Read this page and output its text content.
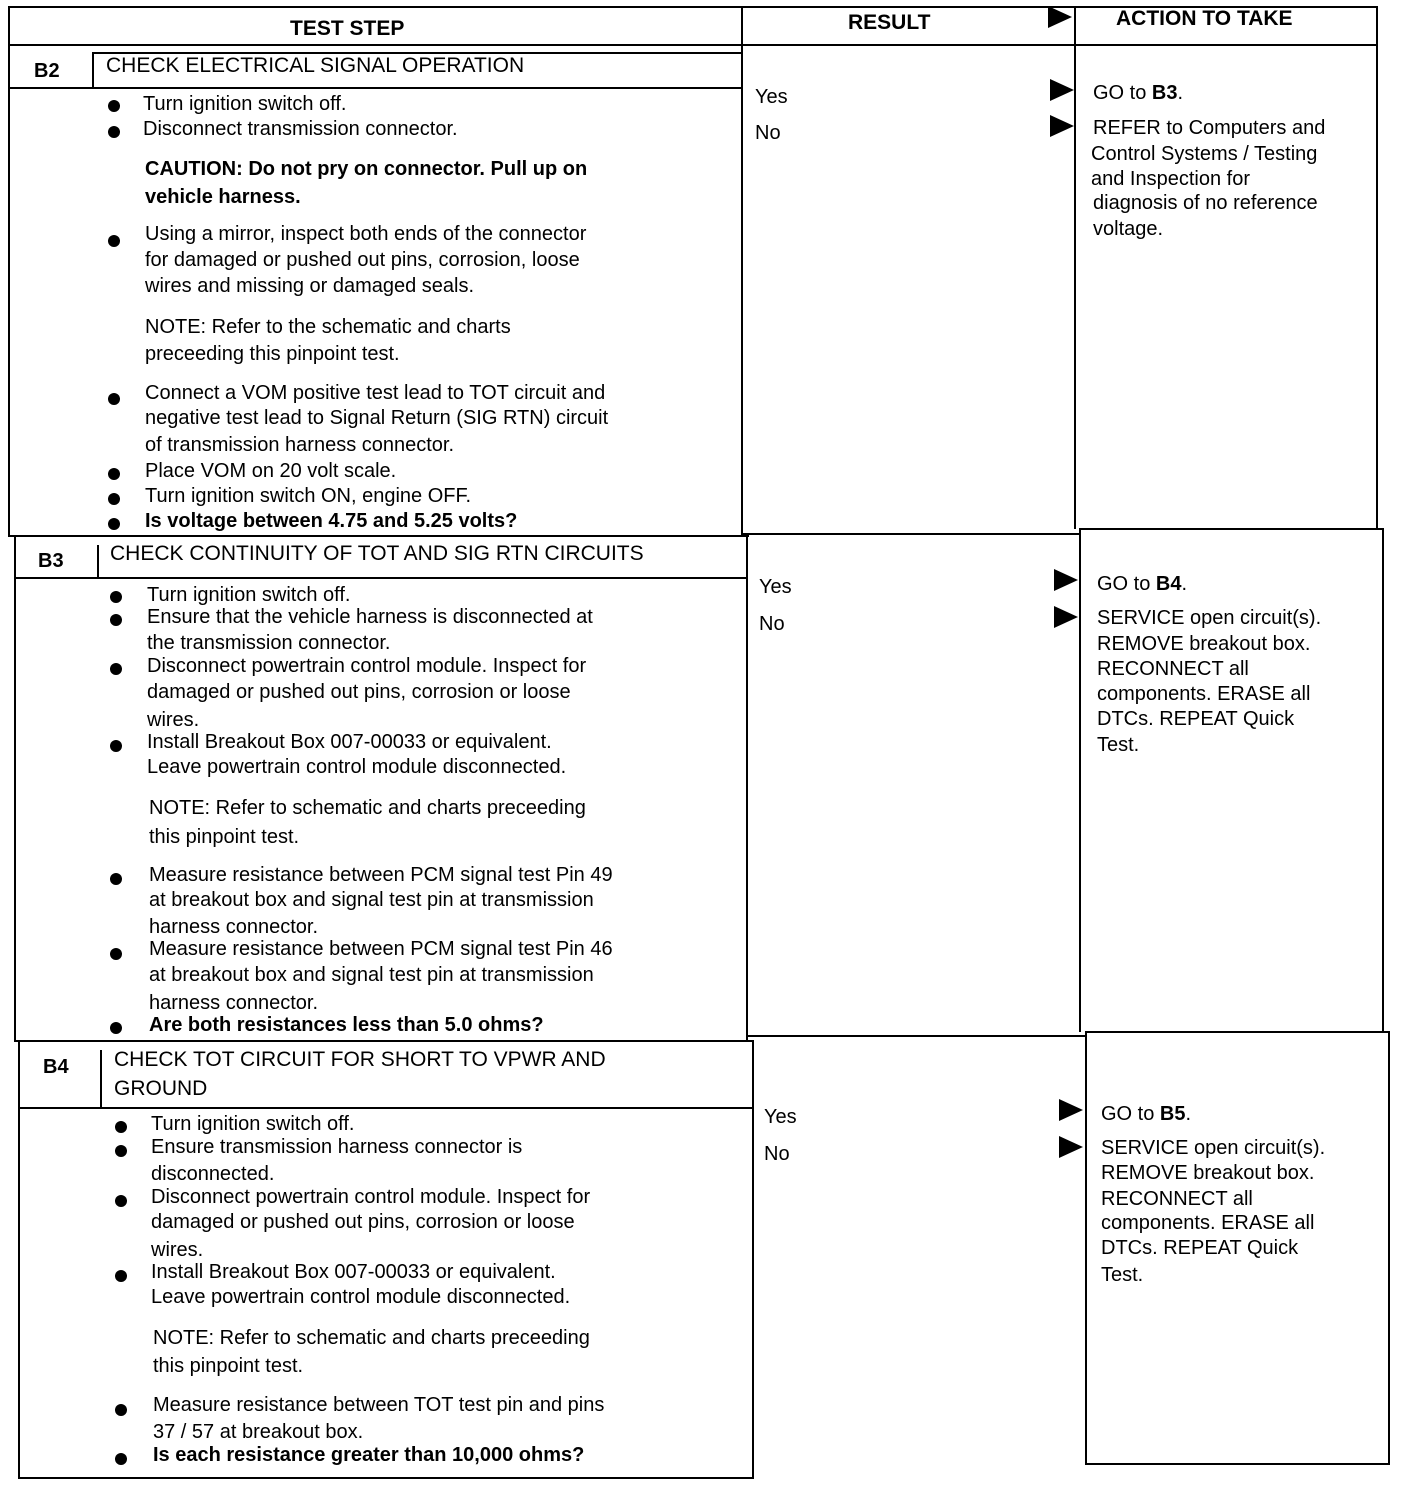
TEST STEP	RESULT	ACTION TO TAKE
B2 CHECK ELECTRICAL SIGNAL OPERATION
Turn ignition switch off.
Disconnect transmission connector.
CAUTION: Do not pry on connector. Pull up on
vehicle harness.
Using a mirror, inspect both ends of the connector
for damaged or pushed out pins, corrosion, loose
wires and missing or damaged seals.
NOTE: Refer to the schematic and charts
preceeding this pinpoint test.
Connect a VOM positive test lead to TOT circuit and
negative test lead to Signal Return (SIG RTN) circuit
of transmission harness connector.
Place VOM on 20 volt scale.
Turn ignition switch ON, engine OFF.
Is voltage between 4.75 and 5.25 volts?
Yes
No
GO to B3.
REFER to Computers and
Control Systems / Testing
and Inspection for
diagnosis of no reference
voltage.
B3 CHECK CONTINUITY OF TOT AND SIG RTN CIRCUITS
Turn ignition switch off.
Ensure that the vehicle harness is disconnected at
the transmission connector.
Disconnect powertrain control module. Inspect for
damaged or pushed out pins, corrosion or loose
wires.
Install Breakout Box 007-00033 or equivalent.
Leave powertrain control module disconnected.
NOTE: Refer to schematic and charts preceeding
this pinpoint test.
Measure resistance between PCM signal test Pin 49
at breakout box and signal test pin at transmission
harness connector.
Measure resistance between PCM signal test Pin 46
at breakout box and signal test pin at transmission
harness connector.
Are both resistances less than 5.0 ohms?
Yes
No
GO to B4.
SERVICE open circuit(s).
REMOVE breakout box.
RECONNECT all
components. ERASE all
DTCs. REPEAT Quick
Test.
B4 CHECK TOT CIRCUIT FOR SHORT TO VPWR AND
GROUND
Turn ignition switch off.
Ensure transmission harness connector is
disconnected.
Disconnect powertrain control module. Inspect for
damaged or pushed out pins, corrosion or loose
wires.
Install Breakout Box 007-00033 or equivalent.
Leave powertrain control module disconnected.
NOTE: Refer to schematic and charts preceeding
this pinpoint test.
Measure resistance between TOT test pin and pins
37 / 57 at breakout box.
Is each resistance greater than 10,000 ohms?
Yes
No
GO to B5.
SERVICE open circuit(s).
REMOVE breakout box.
RECONNECT all
components. ERASE all
DTCs. REPEAT Quick
Test.
